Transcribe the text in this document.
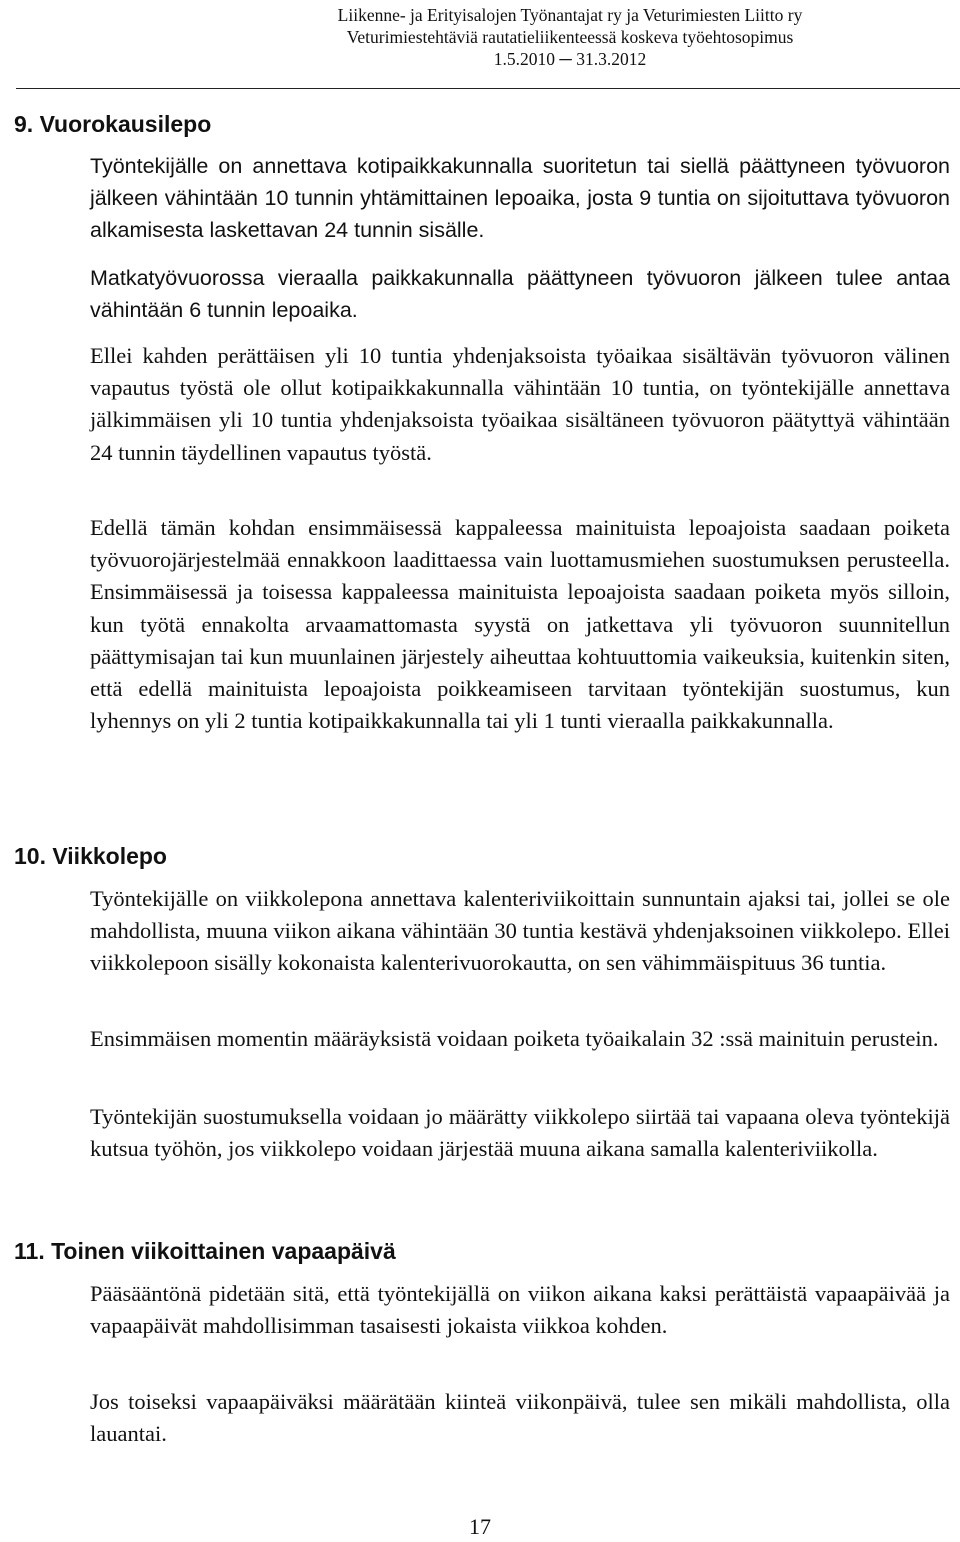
Liikenne- ja Erityisalojen Työnantajat ry ja Veturimiesten Liitto ry
Veturimiestehtäviä rautatieliikenteessä koskeva työehtosopimus
1.5.2010 ─ 31.3.2012
9. Vuorokausilepo

Työntekijälle on annettava kotipaikkakunnalla suoritetun tai siellä päättyneen työvuoron jälkeen vähintään 10 tunnin yhtämittainen lepoaika, josta 9 tuntia on sijoituttava työvuoron alkamisesta laskettavan 24 tunnin sisälle.

Matkatyövuorossa vieraalla paikkakunnalla päättyneen työvuoron jälkeen tulee antaa vähintään 6 tunnin lepoaika.

Ellei kahden perättäisen yli 10 tuntia yhdenjaksoista työaikaa sisältävän työvuoron välinen vapautus työstä ole ollut kotipaikkakunnalla vähintään 10 tuntia, on työntekijälle annettava jälkimmäisen yli 10 tuntia yhdenjaksoista työaikaa sisältäneen työvuoron päätyttyä vähintään 24 tunnin täydellinen vapautus työstä.

Edellä tämän kohdan ensimmäisessä kappaleessa mainituista lepoajoista saadaan poiketa työvuorojärjestelmää ennakkoon laadittaessa vain luottamusmiehen suostumuksen perusteella. Ensimmäisessä ja toisessa kappaleessa mainituista lepoajoista saadaan poiketa myös silloin, kun työtä ennakolta arvaamattomasta syystä on jatkettava yli työvuoron suunnitellun päättymisajan tai kun muunlainen järjestely aiheuttaa kohtuuttomia vaikeuksia, kuitenkin siten, että edellä mainituista lepoajoista poikkeamiseen tarvitaan työntekijän suostumus, kun lyhennys on yli 2 tuntia kotipaikkakunnalla tai yli 1 tunti vieraalla paikkakunnalla.

10. Viikkolepo

Työntekijälle on viikkolepona annettava kalenteriviikoittain sunnuntain ajaksi tai, jollei se ole mahdollista, muuna viikon aikana vähintään 30 tuntia kestävä yhdenjaksoinen viikkolepo. Ellei viikkolepoon sisälly kokonaista kalenterivuorokautta, on sen vähimmäispituus 36 tuntia.

Ensimmäisen momentin määräyksistä voidaan poiketa työaikalain 32 :ssä mainituin perustein.

Työntekijän suostumuksella voidaan jo määrätty viikkolepo siirtää tai vapaana oleva työntekijä kutsua työhön, jos viikkolepo voidaan järjestää muuna aikana samalla kalenteriviikolla.

11. Toinen viikoittainen vapaapäivä

Pääsääntönä pidetään sitä, että työntekijällä on viikon aikana kaksi perättäistä vapaapäivää ja vapaapäivät mahdollisimman tasaisesti jokaista viikkoa kohden.

Jos toiseksi vapaapäiväksi määrätään kiinteä viikonpäivä, tulee sen mikäli mahdollista, olla lauantai.

17
